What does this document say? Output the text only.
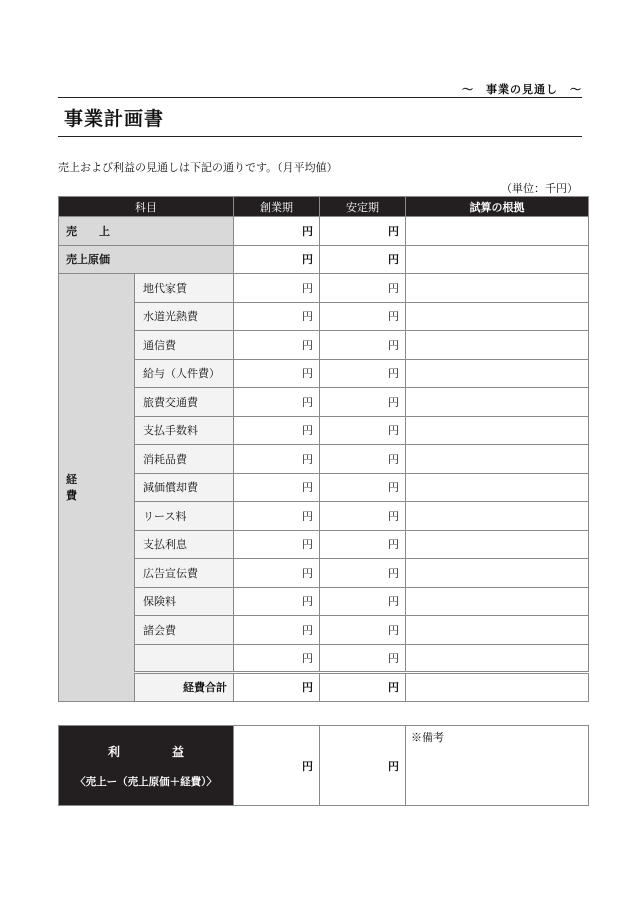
～　事業の見通し　～
事業計画書
売上および利益の見通しは下記の通りです。（月平均値）
（単位：千円）
科目		創業期	安定期	試算の根拠
売　　上		円	円	
売上原価		円	円	
経　費	地代家賃	円	円	
	水道光熱費	円	円	
	通信費	円	円	
	給与（人件費）	円	円	
	旅費交通費	円	円	
	支払手数料	円	円	
	消耗品費	円	円	
	減価償却費	円	円	
	リース料	円	円	
	支払利息	円	円	
	広告宣伝費	円	円	
	保険料	円	円	
	諸会費	円	円	
		円	円	
	経費合計	円	円	
利　益
〈売上ー（売上原価＋経費）〉
	円	円	※備考
